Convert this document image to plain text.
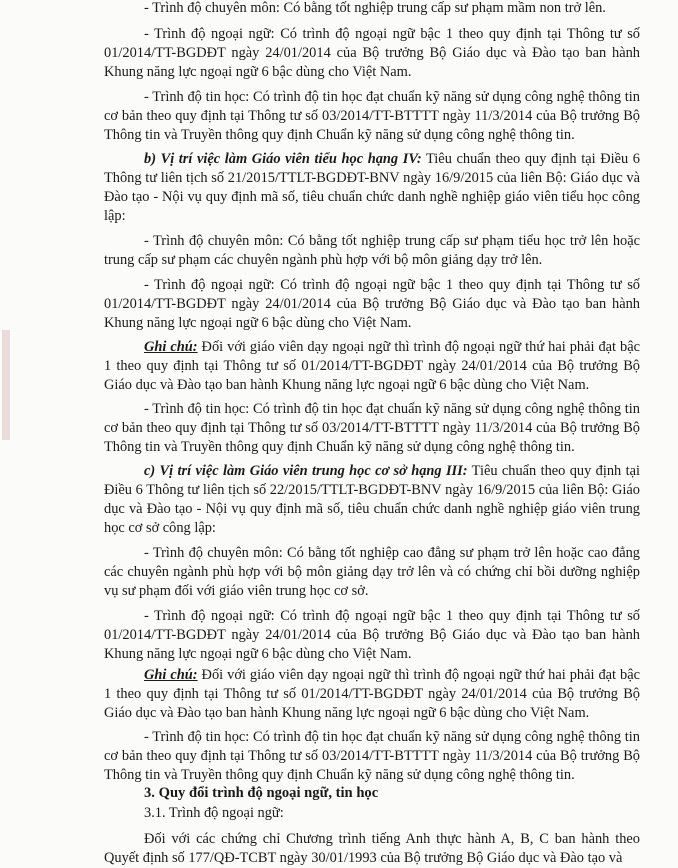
- Trình độ chuyên môn: Có bằng tốt nghiệp trung cấp sư phạm mầm non trở lên.

- Trình độ ngoại ngữ: Có trình độ ngoại ngữ bậc 1 theo quy định tại Thông tư số 01/2014/TT-BGDĐT ngày 24/01/2014 của Bộ trưởng Bộ Giáo dục và Đào tạo ban hành Khung năng lực ngoại ngữ 6 bậc dùng cho Việt Nam.

- Trình độ tin học: Có trình độ tin học đạt chuẩn kỹ năng sử dụng công nghệ thông tin cơ bản theo quy định tại Thông tư số 03/2014/TT-BTTTT ngày 11/3/2014 của Bộ trưởng Bộ Thông tin và Truyền thông quy định Chuẩn kỹ năng sử dụng công nghệ thông tin.

b) Vị trí việc làm Giáo viên tiểu học hạng IV: Tiêu chuẩn theo quy định tại Điều 6 Thông tư liên tịch số 21/2015/TTLT-BGDĐT-BNV ngày 16/9/2015 của liên Bộ: Giáo dục và Đào tạo - Nội vụ quy định mã số, tiêu chuẩn chức danh nghề nghiệp giáo viên tiểu học công lập:

- Trình độ chuyên môn: Có bằng tốt nghiệp trung cấp sư phạm tiểu học trở lên hoặc trung cấp sư phạm các chuyên ngành phù hợp với bộ môn giảng dạy trở lên.

- Trình độ ngoại ngữ: Có trình độ ngoại ngữ bậc 1 theo quy định tại Thông tư số 01/2014/TT-BGDĐT ngày 24/01/2014 của Bộ trưởng Bộ Giáo dục và Đào tạo ban hành Khung năng lực ngoại ngữ 6 bậc dùng cho Việt Nam.

Ghi chú: Đối với giáo viên dạy ngoại ngữ thì trình độ ngoại ngữ thứ hai phải đạt bậc 1 theo quy định tại Thông tư số 01/2014/TT-BGDĐT ngày 24/01/2014 của Bộ trưởng Bộ Giáo dục và Đào tạo ban hành Khung năng lực ngoại ngữ 6 bậc dùng cho Việt Nam.

- Trình độ tin học: Có trình độ tin học đạt chuẩn kỹ năng sử dụng công nghệ thông tin cơ bản theo quy định tại Thông tư số 03/2014/TT-BTTTT ngày 11/3/2014 của Bộ trưởng Bộ Thông tin và Truyền thông quy định Chuẩn kỹ năng sử dụng công nghệ thông tin.

c) Vị trí việc làm Giáo viên trung học cơ sở hạng III: Tiêu chuẩn theo quy định tại Điều 6 Thông tư liên tịch số 22/2015/TTLT-BGDĐT-BNV ngày 16/9/2015 của liên Bộ: Giáo dục và Đào tạo - Nội vụ quy định mã số, tiêu chuẩn chức danh nghề nghiệp giáo viên trung học cơ sở công lập:

- Trình độ chuyên môn: Có bằng tốt nghiệp cao đẳng sư phạm trở lên hoặc cao đẳng các chuyên ngành phù hợp với bộ môn giảng dạy trở lên và có chứng chỉ bồi dưỡng nghiệp vụ sư phạm đối với giáo viên trung học cơ sở.

- Trình độ ngoại ngữ: Có trình độ ngoại ngữ bậc 1 theo quy định tại Thông tư số 01/2014/TT-BGDĐT ngày 24/01/2014 của Bộ trưởng Bộ Giáo dục và Đào tạo ban hành Khung năng lực ngoại ngữ 6 bậc dùng cho Việt Nam.

Ghi chú: Đối với giáo viên dạy ngoại ngữ thì trình độ ngoại ngữ thứ hai phải đạt bậc 1 theo quy định tại Thông tư số 01/2014/TT-BGDĐT ngày 24/01/2014 của Bộ trưởng Bộ Giáo dục và Đào tạo ban hành Khung năng lực ngoại ngữ 6 bậc dùng cho Việt Nam.

- Trình độ tin học: Có trình độ tin học đạt chuẩn kỹ năng sử dụng công nghệ thông tin cơ bản theo quy định tại Thông tư số 03/2014/TT-BTTTT ngày 11/3/2014 của Bộ trưởng Bộ Thông tin và Truyền thông quy định Chuẩn kỹ năng sử dụng công nghệ thông tin.

3. Quy đổi trình độ ngoại ngữ, tin học

3.1. Trình độ ngoại ngữ:

Đối với các chứng chỉ Chương trình tiếng Anh thực hành A, B, C ban hành theo Quyết định số 177/QĐ-TCBT ngày 30/01/1993 của Bộ trưởng Bộ Giáo dục và Đào tạo và
